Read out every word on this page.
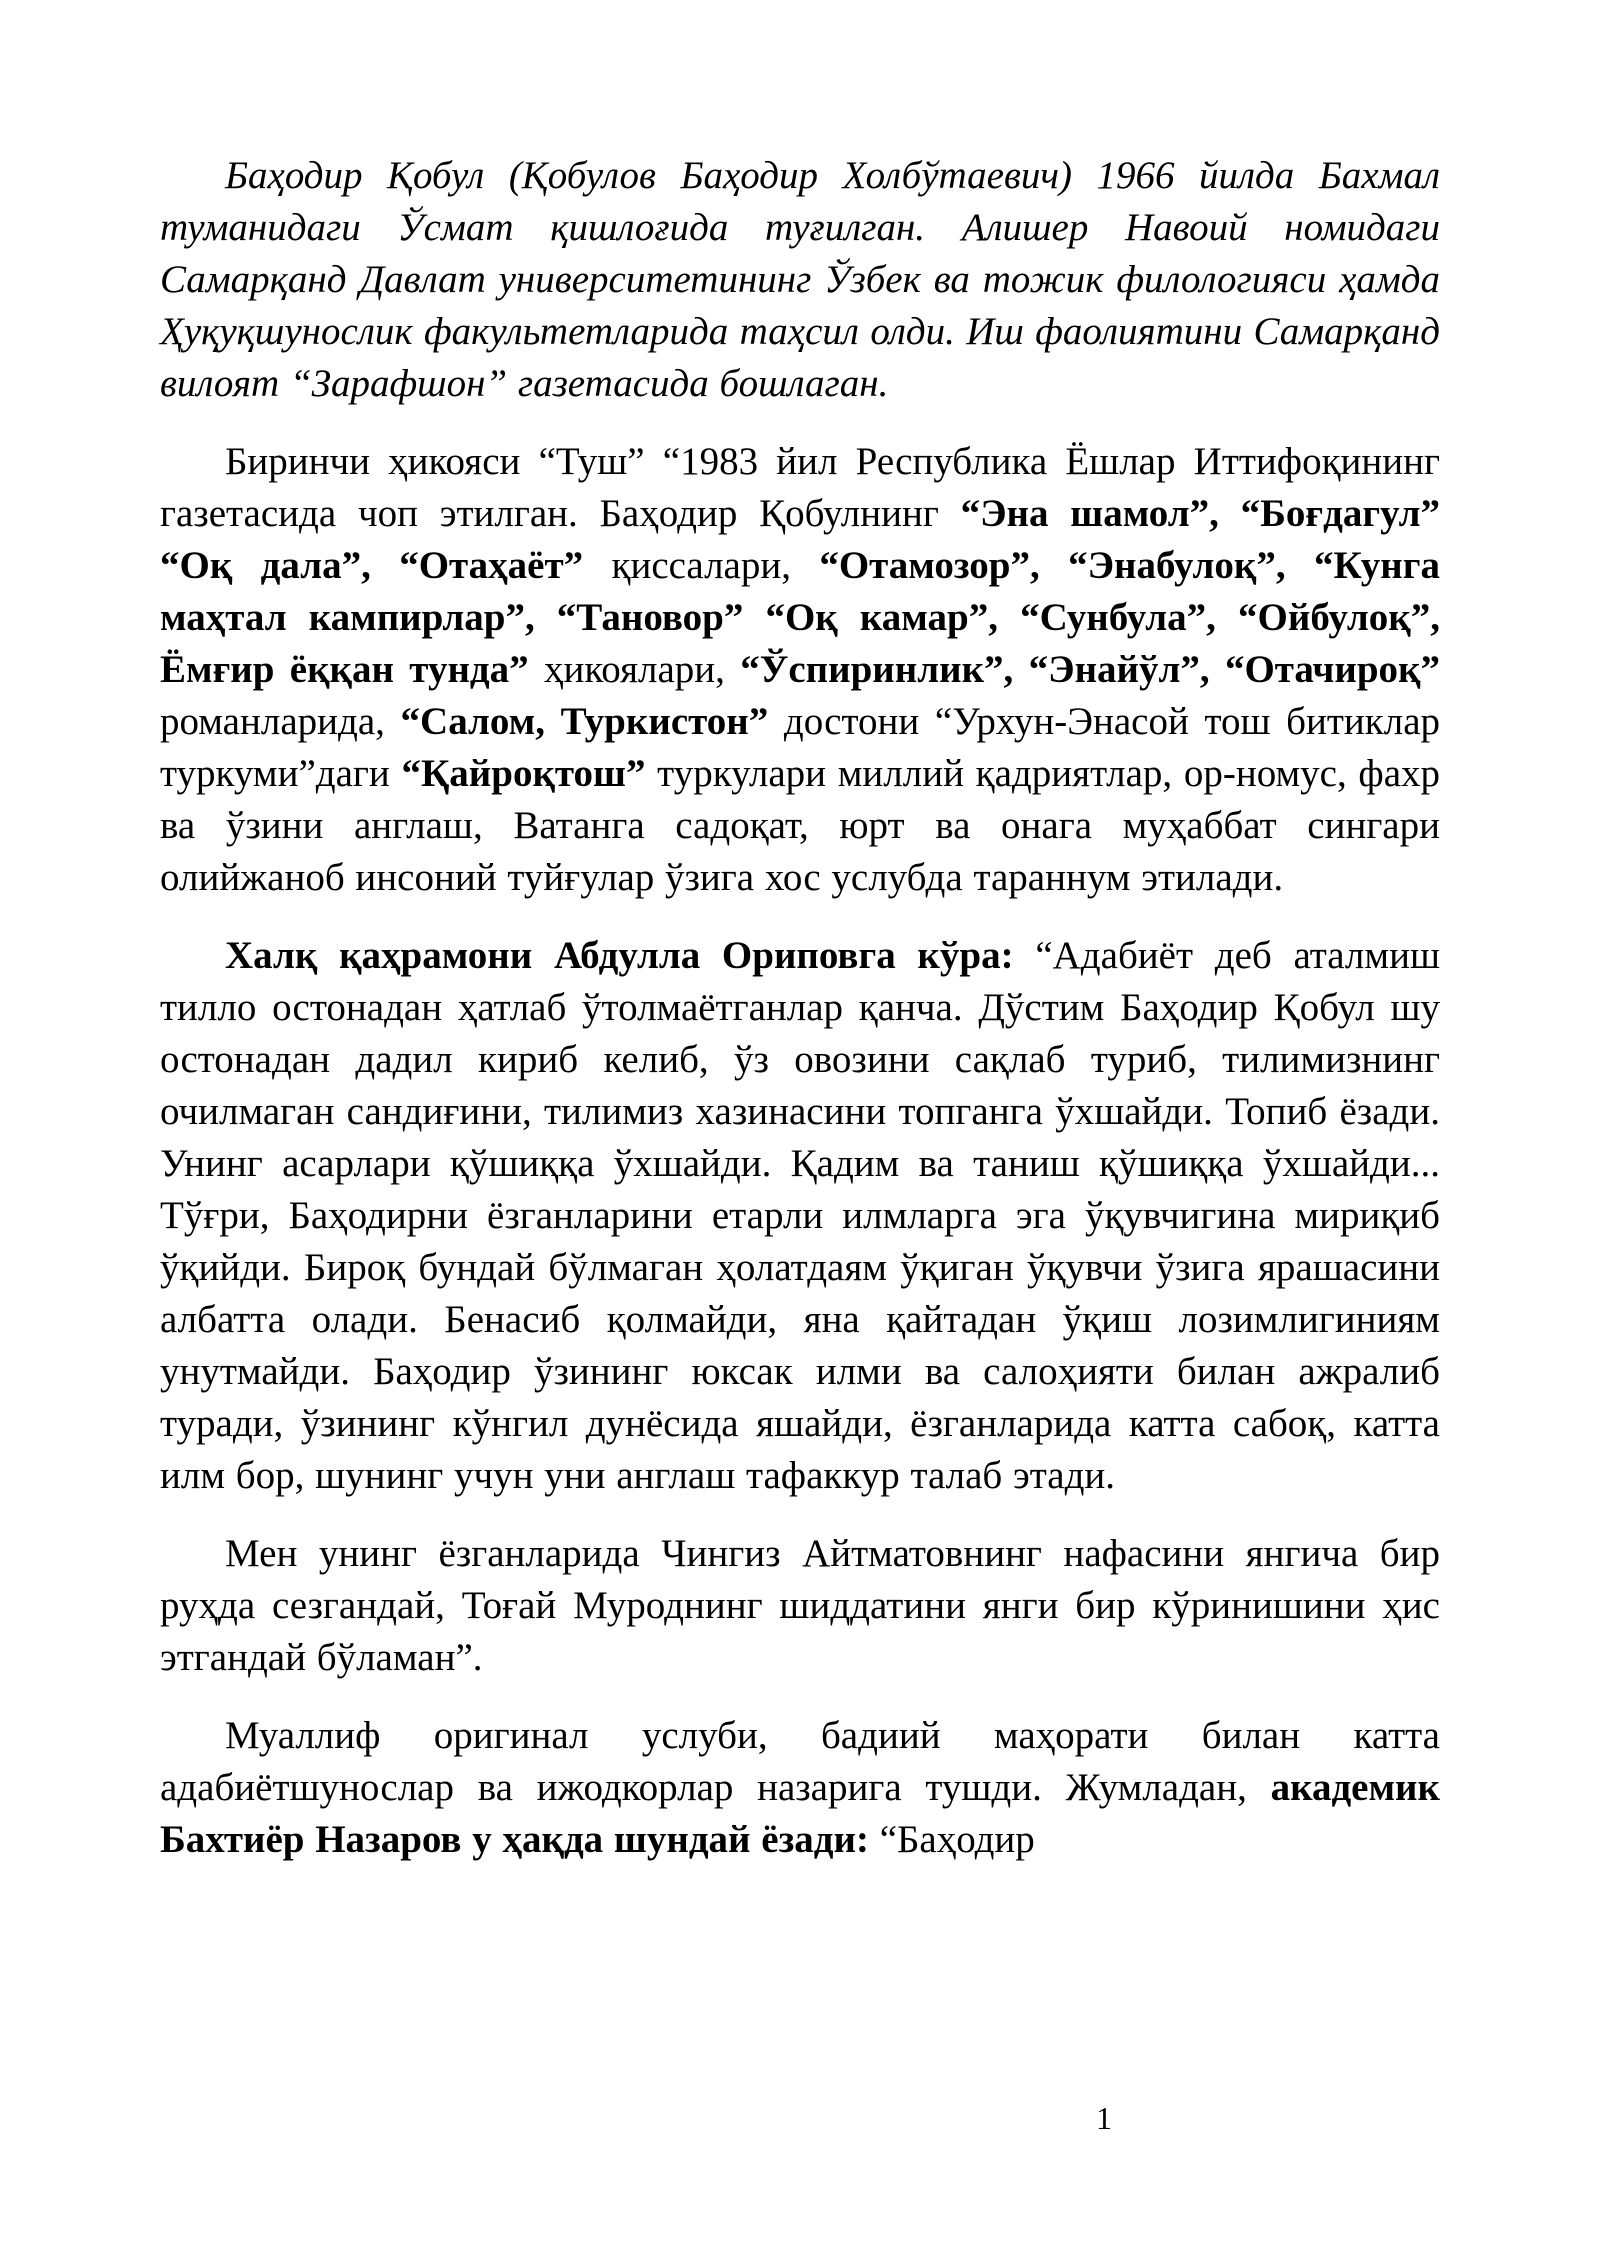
Баҳодир Қобул (Қобулов Баҳодир Холбўтаевич) 1966 йилда Бахмал туманидаги Ўсмат қишлоғида туғилган. Алишер Навоий номидаги Самарқанд Давлат университетининг Ўзбек ва тожик филологияси ҳамда Ҳуқуқшунослик факультетларида таҳсил олди. Иш фаолиятини Самарқанд вилоят “Зарафшон” газетасида бошлаган.

Биринчи ҳикояси “Туш” “1983 йил Республика Ёшлар Иттифоқининг газетасида чоп этилган. Баҳодир Қобулнинг “Эна шамол”, “Боғдагул” “Оқ дала”, “Отаҳаёт” қиссалари, “Отамозор”, “Энабулоқ”, “Кунга маҳтал кампирлар”, “Тановор” “Оқ камар”, “Сунбула”, “Ойбулоқ”, Ёмғир ёққан тунда” ҳикоялари, “Ўспиринлик”, “Энайўл”, “Отачироқ” романларида, “Салом, Туркистон” достони “Урхун-Энасой тош битиклар туркуми”даги “Қайроқтош” туркулари миллий қадриятлар, ор-номус, фахр ва ўзини англаш, Ватанга садоқат, юрт ва онага муҳаббат сингари олийжаноб инсоний туйғулар ўзига хос услубда тараннум этилади.

Халқ қаҳрамони Абдулла Ориповга кўра: “Адабиёт деб аталмиш тилло остонадан ҳатлаб ўтолмаётганлар қанча. Дўстим Баҳодир Қобул шу остонадан дадил кириб келиб, ўз овозини сақлаб туриб, тилимизнинг очилмаган сандиғини, тилимиз хазинасини топганга ўхшайди. Топиб ёзади. Унинг асарлари қўшиққа ўхшайди. Қадим ва таниш қўшиққа ўхшайди... Тўғри, Баҳодирни ёзганларини етарли илмларга эга ўқувчигина мириқиб ўқийди. Бироқ бундай бўлмаган ҳолатдаям ўқиган ўқувчи ўзига ярашасини албатта олади. Бенасиб қолмайди, яна қайтадан ўқиш лозимлигиниям унутмайди. Баҳодир ўзининг юксак илми ва салоҳияти билан ажралиб туради, ўзининг кўнгил дунёсида яшайди, ёзганларида катта сабоқ, катта илм бор, шунинг учун уни англаш тафаккур талаб этади.

Мен унинг ёзганларида Чингиз Айтматовнинг нафасини янгича бир руҳда сезгандай, Тоғай Муроднинг шиддатини янги бир кўринишини ҳис этгандай бўламан”.

Муаллиф оригинал услуби, бадиий маҳорати билан катта адабиётшунослар ва ижодкорлар назарига тушди. Жумладан, академик Бахтиёр Назаров у ҳақда шундай ёзади: “Баҳодир

1
